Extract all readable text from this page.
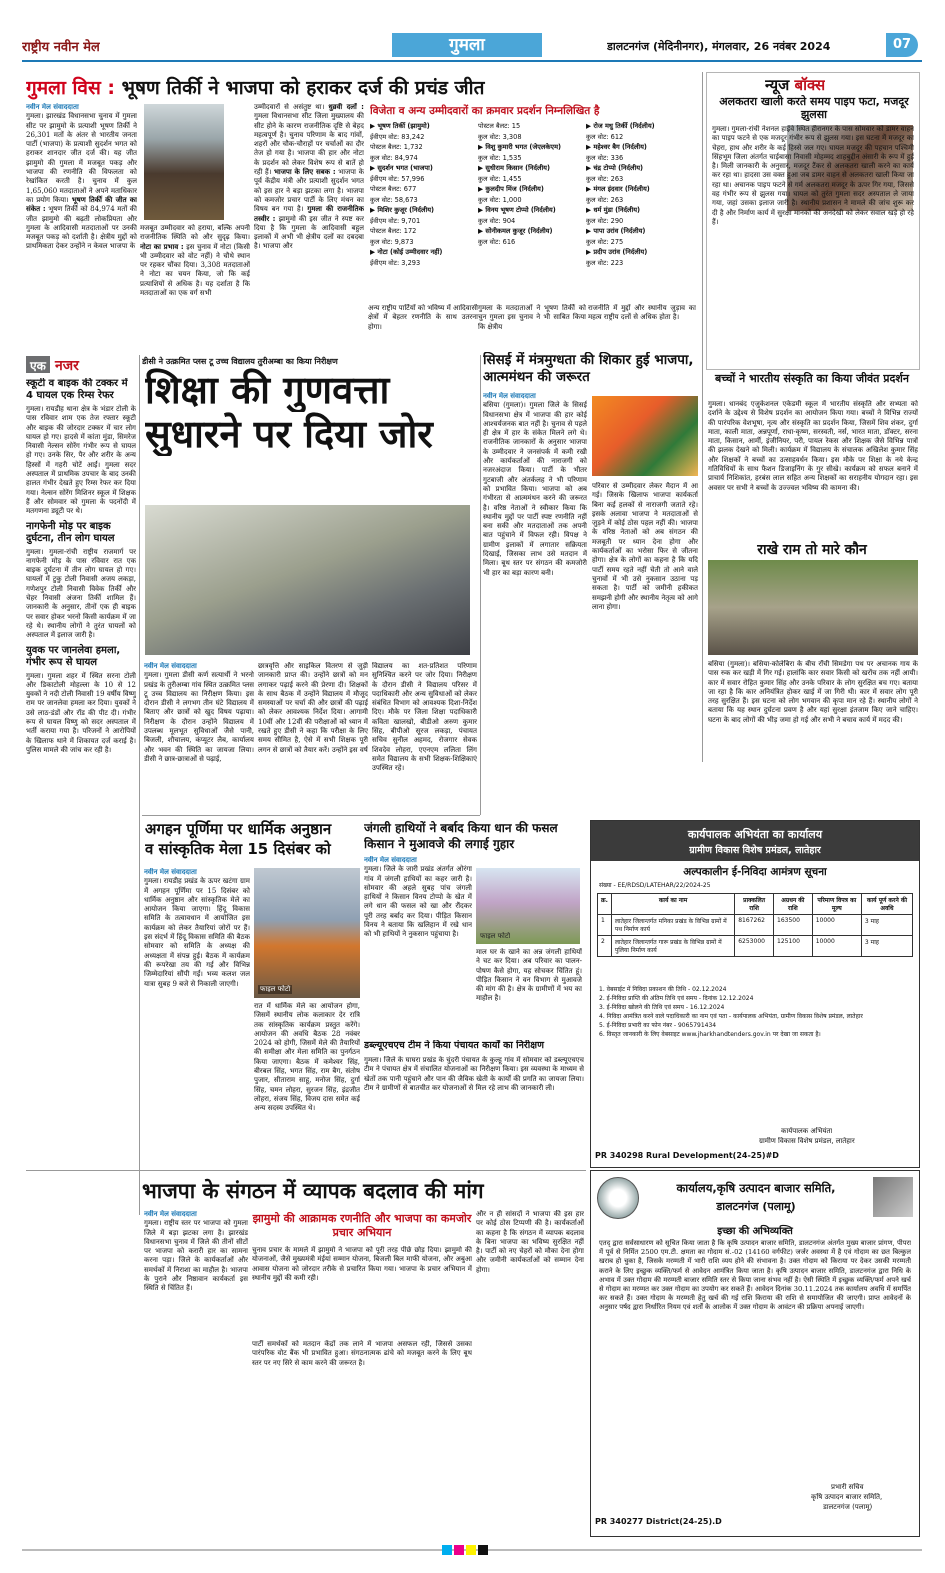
राष्ट्रीय नवीन मेल	गुमला	डालटनगंज (मेदिनीनगर), मंगलवार, 26 नवंबर 2024	07
गुमला विस : भूषण तिर्की ने भाजपा को हराकर दर्ज की प्रचंड जीत
नवीन मेल संवाददाता
गुमला। झारखंड विधानसभा चुनाव में गुमला सीट पर झामुमो के प्रत्याशी भूषण तिर्की ने 26,301 मतों के अंतर से भारतीय जनता पार्टी (भाजपा) के प्रत्याशी सुदर्शन भगत को हराकर शानदार जीत दर्ज की। यह जीत झामुमो की गुमला में मजबूत पकड़ और भाजपा की रणनीति की विफलता को रेखांकित करती है। चुनाव में कुल 1,65,060 मतदाताओं ने अपने मताधिकार का प्रयोग किया। भूषण तिर्की की जीत का संकेत : भूषण तिर्की को 84,974 मतों की जीत झामुमो की बढ़ती लोकप्रियता और गुमला के आदिवासी मतदाताओं पर उनकी मजबूत पकड़ को दर्शाती है। क्षेत्रीय मुद्दों को प्राथमिकता देकर उन्होंने न केवल भाजपा के
मजबूत उम्मीदवार को हराया, बल्कि अपनी राजनीतिक स्थिति को और सुदृढ़ किया। नोटा का प्रभाव : इस चुनाव में नोटा (किसी भी उम्मीदवार को वोट नहीं) ने चौथे स्थान पर रहकर चौंका दिया। 3,308 मतदाताओं ने नोटा का चयन किया, जो कि कई प्रत्याशियों से अधिक है। यह दर्शाता है कि मतदाताओं का एक वर्ग सभी
उम्मीदवारों से असंतुष्ट था। धुव्रवी दलों : गुमला विधानसभा सीट जिला मुख्यालय की सीट होने के कारण राजनीतिक दृष्टि से बेहद महत्वपूर्ण है। चुनाव परिणाम के बाद गांवों, शहरों और चौक-चौराहों पर चर्चाओं का दौर तेज हो गया है। भाजपा की हार और नोटा के प्रदर्शन को लेकर विशेष रूप से बातें हो रही हैं। भाजपा के लिए सबक : भाजपा के पूर्व केंद्रीय मंत्री और प्रत्याशी सुदर्शन भगत को इस हार ने बड़ा झटका लगा है। भाजपा को कमजोर प्रचार पार्टी के लिए मंथन का विषय बन गया है। गुमला की राजनीतिक तस्वीर : झामुमो की इस जीत ने स्पष्ट कर दिया है कि गुमला के आदिवासी बहुल इलाकों में अभी भी क्षेत्रीय दलों का दबदबा है। भाजपा और
विजेता व अन्य उम्मीदवारों का क्रमवार प्रदर्शन निम्नलिखित है
▶ भूषण तिर्की (झामुमो)
ईवीएम वोट: 83,242
पोस्टल बैलट: 1,732
कुल वोट: 84,974
▶ सुदर्शन भगत (भाजपा)
ईवीएम वोट: 57,996
पोस्टल बैलट: 677
कुल वोट: 58,673
▶ मिशिर कुजूर (निर्दलीय)
ईवीएम वोट: 9,701
पोस्टल बैलट: 172
कुल वोट: 9,873
▶ नोटा (कोई उम्मीदवार नहीं)
ईवीएम वोट: 3,293
पोस्टल बैलट: 15
कुल वोट: 3,308
▶ विशु कुमारी भगत (जेएलकेएम)
कुल वोट: 1,535
▶ सुधीराम किसान (निर्दलीय)
कुल वोट: 1,455
▶ कुलदीप मिंज (निर्दलीय)
कुल वोट: 1,000
▶ विनय भूषण टोप्पो (निर्दलीय)
कुल वोट: 904
▶ सोनीकमल कुजूर (निर्दलीय)
कुल वोट: 616
▶ रोज मधु तिर्की (निर्दलीय)
कुल वोट: 612
▶ महेश्वर बैग (निर्दलीय)
कुल वोट: 336
▶ चंद्र टोप्पो (निर्दलीय)
कुल वोट: 263
▶ मंगल इंदवार (निर्दलीय)
कुल वोट: 263
▶ धर्म मुंडा (निर्दलीय)
कुल वोट: 290
▶ पापा उरांव (निर्दलीय)
कुल वोट: 275
▶ प्रदीप उरांव (निर्दलीय)
कुल वोट: 223
अन्य राष्ट्रीय पार्टियों को भविष्य में आदिवासी क्षेत्रों में बेहतर रणनीति के साथ उतरना होगा।
गुमला के मतदाताओं ने भूषण तिर्की को चुन गुमला इस चुनाव ने भी साबित किया कि क्षेत्रीय
राजनीति में मुद्दों और स्थानीय जुड़ाव का महत्व राष्ट्रीय दलों से अधिक होता है।
न्यूज बॉक्स
अलकतरा खाली करते समय पाइप फटा, मजदूर झुलसा
गुमला। गुमला-रांची नेशनल हाईवे स्थित हीरानगर के पास सोमवार को डामर वाहन का पाइप फटने से एक मजदूर गंभीर रूप से झुलस गया। इस घटना में मजदूर का चेहरा, हाथ और शरीर के कई हिस्से जल गए। घायल मजदूर की पहचान पश्चिमी सिंहभूम जिला अंतर्गत चाईबासा निवासी मोहम्मद शाहबुद्दीन अंसारी के रूप में हुई है। मिली जानकारी के अनुसार, मजदूर टैंकर से अलकतरा खाली करने का कार्य कर रहा था। हादसा उस वक्त हुआ जब डामर वाहन से अलकतरा खाली किया जा रहा था। अचानक पाइप फटने से गर्म अलकतरा मजदूर के ऊपर गिर गया, जिससे वह गंभीर रूप से झुलस गया। घायल को तुरंत गुमला सदर अस्पताल ले जाया गया, जहां उसका इलाज जारी है। स्थानीय प्रशासन ने मामले की जांच शुरू कर दी है और निर्माण कार्य में सुरक्षा मानकों की अनदेखी को लेकर सवाल खड़े हो रहे हैं।
बच्चों ने भारतीय संस्कृति का किया जीवंत प्रदर्शन
गुमला। धानबंद एजुकेशनल एकेडमी स्कूल में भारतीय संस्कृति और सभ्यता को दर्शाने के उद्देश्य से विशेष प्रदर्शन का आयोजन किया गया। बच्चों ने विभिन्न राज्यों की पारंपरिक वेशभूषा, नृत्य और संस्कृति का प्रदर्शन किया, जिसमें शिव शंकर, दुर्गा माता, काली माता, अन्नपूर्णा, राधा-कृष्ण, सरस्वती, नर्स, भारत माता, डॉक्टर, सरना माता, किसान, आर्मी, इंजीनियर, परी, पायल रेकस और शिक्षक जैसे विभिन्न पात्रों की झलक देखने को मिली। कार्यक्रम में विद्यालय के संचालक अखिलेश कुमार सिंह और शिक्षकों ने बच्चों का उत्साहवर्धन किया। इस मौके पर शिक्षा के नये केन्द्र गतिविधियों के साथ फैशन डिजाइनिंग के गुर सीखे। कार्यक्रम को सफल बनाने में प्राचार्य निशिकांत, हरबंस लाल सहित अन्य शिक्षकों का सराहनीय योगदान रहा। इस अवसर पर सभी ने बच्चों के उज्ज्वल भविष्य की कामना की।
राखे राम तो मारे कौन
बसिया (गुमला)। बसिया-कोलेबिरा के बीच राँची सिमडेगा पथ पर अचानक गाय के पास रुक कर खड़ी में गिर गई। हालांकि कार सवार किसी को खरोंच तक नहीं आयी। कार में सवार रोहित कुमार सिंह और उनके परिवार के लोग सुरक्षित बच गए। बताया जा रहा है कि कार अनियंत्रित होकर खाई में जा गिरी थी। कार में सवार लोग पूरी तरह सुरक्षित हैं। इस घटना को लोग भगवान की कृपा मान रहे हैं। स्थानीय लोगों ने बताया कि यह स्थान दुर्घटना प्रवण है और यहां सुरक्षा इंतजाम किए जाने चाहिए। घटना के बाद लोगों की भीड़ जमा हो गई और सभी ने बचाव कार्य में मदद की।
एक नजर
स्कूटी व बाइक की टक्कर में 4 घायल एक रिम्स रेफर
गुमला। रायडीह थाना क्षेत्र के भंडार टोली के पास रविवार शाम एक तेज रफ्तार स्कूटी और बाइक की जोरदार टक्कर में चार लोग घायल हो गए। हादसे में कांता मुंडा, सिमरेज निवासी नेल्सन सोरेंग गंभीर रूप से घायल हो गए। उनके सिर, पैर और शरीर के अन्य हिस्सों में गहरी चोटें आईं। गुमला सदर अस्पताल में प्राथमिक उपचार के बाद उनकी हालत गंभीर देखते हुए रिम्स रेफर कर दिया गया। नेल्सन सोरेंग मिशिनर स्कूल में शिक्षक हैं और सोमवार को गुमला के पदनोंदी में मतगणना ड्यूटी पर थे।
नागफेनी मोड़ पर बाइक दुर्घटना, तीन लोग घायल
गुमला। गुमला-रांची राष्ट्रीय राजमार्ग पर नागफेनी मोड़ के पास रविवार रात एक बाइक दुर्घटना में तीन लोग घायल हो गए। घायलों में टुकु टोली निवासी अजय लकड़ा, गणेशपुर टोली निवासी विवेक तिर्की और चेहर निवासी अंजना तिर्की शामिल हैं। जानकारी के अनुसार, तीनों एक ही बाइक पर सवार होकर भरनो किसी कार्यक्रम में जा रहे थे। स्थानीय लोगों ने तुरंत घायलों को अस्पताल में इलाज जारी है।
युवक पर जानलेवा हमला, गंभीर रूप से घायल
गुमला। गुमला शहर में स्थित सरना टोली और डिकाटोली मोहल्ला के 10 से 12 युवकों ने नदी टोली निवासी 19 वर्षीय विष्णु राम पर जानलेवा हमला कर दिया। युवकों ने उसे लाठ-डंडों और रॉड की पीट दी। गंभीर रूप से घायल विष्णु को सदर अस्पताल में भर्ती कराया गया है। परिजनों ने आरोपियों के खिलाफ थाने में शिकायत दर्ज कराई है। पुलिस मामले की जांच कर रही है।
डीसी ने उत्क्रमित प्लस टू उच्च विद्यालय तुरीअम्बा का किया निरीक्षण
शिक्षा की गुणवत्ता
सुधारने पर दिया जोर
नवीन मेल संवाददाता
गुमला। गुमला डीसी कर्ण सत्यार्थी ने भरनो प्रखंड के तुरीअम्बा गांव स्थित उत्क्रमित प्लस टू उच्च विद्यालय का निरीक्षण किया। इस दौरान डीसी ने लगभग तीन घंटे विद्यालय में बिताए और छात्रों को खुद विषय पढ़ाया। निरीक्षण के दौरान उन्होंने विद्यालय में उपलब्ध मूलभूत सुविधाओं जैसे पानी, बिजली, शौचालय, कंप्यूटर लैब, कार्यालय और भवन की स्थिति का जायजा लिया। डीसी ने छात्र-छात्राओं से पढ़ाई,
छात्रवृत्ति और साइकिल वितरण से जुड़ी जानकारी प्राप्त की। उन्होंने छात्रों को मन लगाकर पढ़ाई करने की प्रेरणा दी। शिक्षकों के साथ बैठक में उन्होंने विद्यालय में मौजूद समस्याओं पर चर्चा की और छात्रों की पढ़ाई को लेकर आवश्यक निर्देश दिया। आगामी 10वीं और 12वीं की परीक्षाओं को ध्यान में रखते हुए डीसी ने कहा कि परीक्षा के लिए समय सीमित है, ऐसे में सभी शिक्षक पूरी लगन से छात्रों को तैयार करें। उन्होंने इस वर्ष
विद्यालय का शत-प्रतिशत परिणाम सुनिश्चित करने पर जोर दिया। निरीक्षण के दौरान डीसी ने विद्यालय परिसर में पदाधिकारी और अन्य सुविधाओं को लेकर संबंधित विभाग को आवश्यक दिशा-निर्देश दिए। मौके पर जिला शिक्षा पदाधिकारी कविता खालखो, बीडीओ अरुण कुमार सिंह, बीपीओ सूरज लकड़ा, पंचायत सचिव सुनील अहमद, रोजगार सेवक शिवदेव लोहरा, एएनएम ललिता लिंग समेत विद्यालय के सभी शिक्षक-शिक्षिकाएं उपस्थित रहे।
सिसई में मंत्रमुग्धता की शिकार हुई भाजपा, आत्ममंथन की जरूरत
नवीन मेल संवाददाता
बसिया (गुमला)। गुमला जिले के सिसई विधानसभा क्षेत्र में भाजपा की हार कोई आश्चर्यजनक बात नहीं है। चुनाव से पहले ही क्षेत्र में हार के संकेत मिलने लगे थे। राजनीतिक जानकारों के अनुसार भाजपा के उम्मीदवार ने जनसंपर्क में कमी रखी और कार्यकर्ताओं की नाराजगी को नजरअंदाज किया। पार्टी के भीतर गुटबाजी और अंतर्कलह ने भी परिणाम को प्रभावित किया। भाजपा को अब गंभीरता से आत्ममंथन करने की जरूरत है। वरिष्ठ नेताओं ने स्वीकार किया कि स्थानीय मुद्दों पर पार्टी स्पष्ट रणनीति नहीं बना सकी और मतदाताओं तक अपनी बात पहुंचाने में विफल रही। विपक्ष ने ग्रामीण इलाकों में लगातार सक्रियता दिखाई, जिसका लाभ उसे मतदान में मिला। बूथ स्तर पर संगठन की कमजोरी भी हार का बड़ा कारण बनी।
परिवार से उम्मीदवार लेकर मैदान में आ गई। जिसके खिलाफ भाजपा कार्यकर्ता बिना कई हलकों से नाराजगी जताते रहे। इसके अलावा भाजपा ने मतदाताओं से जुड़ने में कोई ठोस पहल नहीं की। भाजपा के वरिष्ठ नेताओं को अब संगठन की मजबूती पर ध्यान देना होगा और कार्यकर्ताओं का भरोसा फिर से जीतना होगा। क्षेत्र के लोगों का कहना है कि यदि पार्टी समय रहते नहीं चेती तो आने वाले चुनावों में भी उसे नुकसान उठाना पड़ सकता है। पार्टी को जमीनी हकीकत समझनी होगी और स्थानीय नेतृत्व को आगे लाना होगा।
अगहन पूर्णिमा पर धार्मिक अनुष्ठान
व सांस्कृतिक मेला 15 दिसंबर को
नवीन मेल संवाददाता
गुमला। रायडीह प्रखंड के ऊपर खटंगा ग्राम में अगहन पूर्णिमा पर 15 दिसंबर को धार्मिक अनुष्ठान और सांस्कृतिक मेले का आयोजन किया जाएगा। हिंदू विकास समिति के तत्वावधान में आयोजित इस कार्यक्रम को लेकर तैयारियां जोरों पर हैं। इस संदर्भ में हिंदू विकास समिति की बैठक सोमवार को समिति के अध्यक्ष की अध्यक्षता में संपन्न हुई। बैठक में कार्यक्रम की रूपरेखा तय की गई और विभिन्न जिम्मेदारियां सौंपी गईं। भव्य कलश जल यात्रा सुबह 9 बजे से निकाली जाएगी।
फाइल फोटो
रात में धार्मिक मेले का आयोजन होगा, जिसमें स्थानीय लोक कलाकार देर रात्रि तक सांस्कृतिक कार्यक्रम प्रस्तुत करेंगे। आयोजन की अवधि बैठक 28 नवंबर 2024 को होगी, जिसमें मेले की तैयारियों की समीक्षा और मेला समिति का पुनर्गठन किया जाएगा। बैठक में कमेश्वर सिंह, बीरबल सिंह, भगत सिंह, राम बैग, संतोष पुजार, सीताराम साहू, मनोज सिंह, दुर्गा सिंह, चमन लोहरा, सुरजन सिंह, इंद्रजीत लोहरा, संजय सिंह, विजय दास समेत कई अन्य सदस्य उपस्थित थे।
जंगली हाथियों ने बर्बाद किया धान की फसल किसान ने मुआवजे की लगाई गुहार
नवीन मेल संवाददाता
गुमला। जिले के जारी प्रखंड अंतर्गत ओरंगा गांव में जंगली हाथियों का कहर जारी है। सोमवार की अहले सुबह पांच जंगली हाथियों ने किसान विनय टोप्पो के खेत में लगे धान की फसल को खा और रौंदकर पूरी तरह बर्बाद कर दिया। पीड़ित किसान विनय ने बताया कि खलिहान में रखे धान को भी हाथियों ने नुकसान पहुंचाया है।	फाइल फोटो
माल घर के खाने का अन्न जंगली हाथियों ने चट कर दिया। अब परिवार का पालन-पोषण कैसे होगा, यह सोचकर चिंतित हूं। पीड़ित किसान ने वन विभाग से मुआवजे की मांग की है। क्षेत्र के ग्रामीणों में भय का माहौल है।
डब्ल्यूएचएच टीम ने किया पंचायत कार्यों का निरीक्षण
गुमला। जिले के घाघरा प्रखंड के चुंदरी पंचायत के कुल्हू गांव में सोमवार को डब्ल्यूएचएच टीम ने पंचायत क्षेत्र में संचालित योजनाओं का निरीक्षण किया। इस व्यवस्था के माध्यम से खेतों तक पानी पहुंचाने और पान की जैविक खेती के कार्यों की प्रगति का जायजा लिया। टीम ने ग्रामीणों से बातचीत कर योजनाओं से मिल रहे लाभ की जानकारी ली।
कार्यपालक अभियंता का कार्यालय
ग्रामीण विकास विशेष प्रमंडल, लातेहार
अल्पकालीन ई-निविदा आमंत्रण सूचना
संख्या - EE/RDSD/LATEHAR/22/2024-25
क्र.	कार्य का नाम	प्राक्कलित राशि	अग्रधन की राशि	परिमाण विपत्र का मूल्य	कार्य पूर्ण करने की अवधि
1	लातेहार जिलान्तर्गत मनिका प्रखंड के विभिन्न ग्रामों में पथ निर्माण कार्य	8167262	163500	10000	3 माह
2	लातेहार जिलान्तर्गत गारू प्रखंड के विभिन्न ग्रामों में पुलिया निर्माण कार्य	6253000	125100	10000	3 माह
1. वेबसाईट में निविदा प्रकाशन की तिथि - 02.12.2024
2. ई-निविदा प्राप्ति की अंतिम तिथि एवं समय - दिनांक 12.12.2024
3. ई-निविदा खोलने की तिथि एवं समय - 16.12.2024
4. निविदा आमंत्रित करने वाले पदाधिकारी का नाम एवं पता - कार्यपालक अभियंता, ग्रामीण विकास विशेष प्रमंडल, लातेहार
5. ई-निविदा प्रभारी का फोन नंबर - 9065791434
6. विस्तृत जानकारी के लिए वेबसाइट www.jharkhandtenders.gov.in पर देखा जा सकता है।
कार्यपालक अभियंता
ग्रामीण विकास विशेष प्रमंडल, लातेहार
PR 340298 Rural Development(24-25)#D
भाजपा के संगठन में व्यापक बदलाव की मांग
नवीन मेल संवाददाता
गुमला। राष्ट्रीय स्तर पर भाजपा को गुमला जिले में बड़ा झटका लगा है। झारखंड विधानसभा चुनाव में जिले की तीनों सीटों पर भाजपा को करारी हार का सामना करना पड़ा। जिले के कार्यकर्ताओं और समर्थकों में निराशा का माहौल है। भाजपा के पुराने और निष्ठावान कार्यकर्ता इस स्थिति से चिंतित हैं।
झामुमो की आक्रामक रणनीति और भाजपा का कमजोर प्रचार अभियान
चुनाव प्रचार के मामले में झामुमो ने भाजपा को पूरी तरह पीछे छोड़ दिया। झामुमो की योजनाओं, जैसे मुख्यमंत्री मंईयां सम्मान योजना, बिजली बिल माफी योजना, और अबुआ आवास योजना को जोरदार तरीके से प्रचारित किया गया। भाजपा के प्रचार अभियान में स्थानीय मुद्दों की कमी रही।
पार्टी समर्थकों को मतदान केंद्रों तक लाने में भाजपा असफल रही, जिससे उसका पारंपरिक वोट बैंक भी प्रभावित हुआ। संगठनात्मक ढांचे को मजबूत करने के लिए बूथ स्तर पर नए सिरे से काम करने की जरूरत है।
और न ही सांसदों ने भाजपा की इस हार पर कोई ठोस टिप्पणी की है। कार्यकर्ताओं का कहना है कि संगठन में व्यापक बदलाव के बिना भाजपा का भविष्य सुरक्षित नहीं है। पार्टी को नए चेहरों को मौका देना होगा और जमीनी कार्यकर्ताओं को सम्मान देना होगा।
कार्यालय,कृषि उत्पादन बाजार समिति,
डालटनगंज (पलामू)
इच्छा की अभिव्यक्ति
एतद् द्वारा सर्वसाधारण को सूचित किया जाता है कि कृषि उत्पादन बाजार समिति, डालटनगंज अंतर्गत मुख्य बाजार प्रांगण, पीपरा में पूर्व से निर्मित 2500 एम.टी. क्षमता का गोदाम सं.-02 (14160 वर्गफीट) जर्जर अवस्था में है एवं गोदाम का छत बिल्कुल खराब हो चुका है, जिसके मरम्मती में भारी राशि व्यय होने की संभावना है। उक्त गोदाम को किराया पर देकर उसकी मरम्मती कराने के लिए इच्छुक व्यक्ति/फर्म से आवेदन आमंत्रित किया जाता है। कृषि उत्पादन बाजार समिति, डालटनगंज द्वारा निधि के अभाव में उक्त गोदाम की मरम्मती बाजार समिति स्तर से किया जाना संभव नहीं है। ऐसी स्थिति में इच्छुक व्यक्ति/फर्म अपने खर्च से गोदाम का मरम्मत कर उक्त गोदाम का उपयोग कर सकते हैं। आवेदन दिनांक 30.11.2024 तक कार्यालय अवधि में समर्पित कर सकते हैं। उक्त गोदाम के मरम्मती हेतु खर्च की गई राशि किराया की राशि से समायोजित की जाएगी। प्राप्त आवेदनों के अनुसार पर्षद द्वारा निर्धारित नियम एवं शर्तों के आलोक में उक्त गोदाम के आवंटन की प्रक्रिया अपनाई जाएगी।
प्रभारी सचिव
कृषि उत्पादन बाजार समिति,
डालटनगंज (पलामू)
PR 340277 District(24-25).D
